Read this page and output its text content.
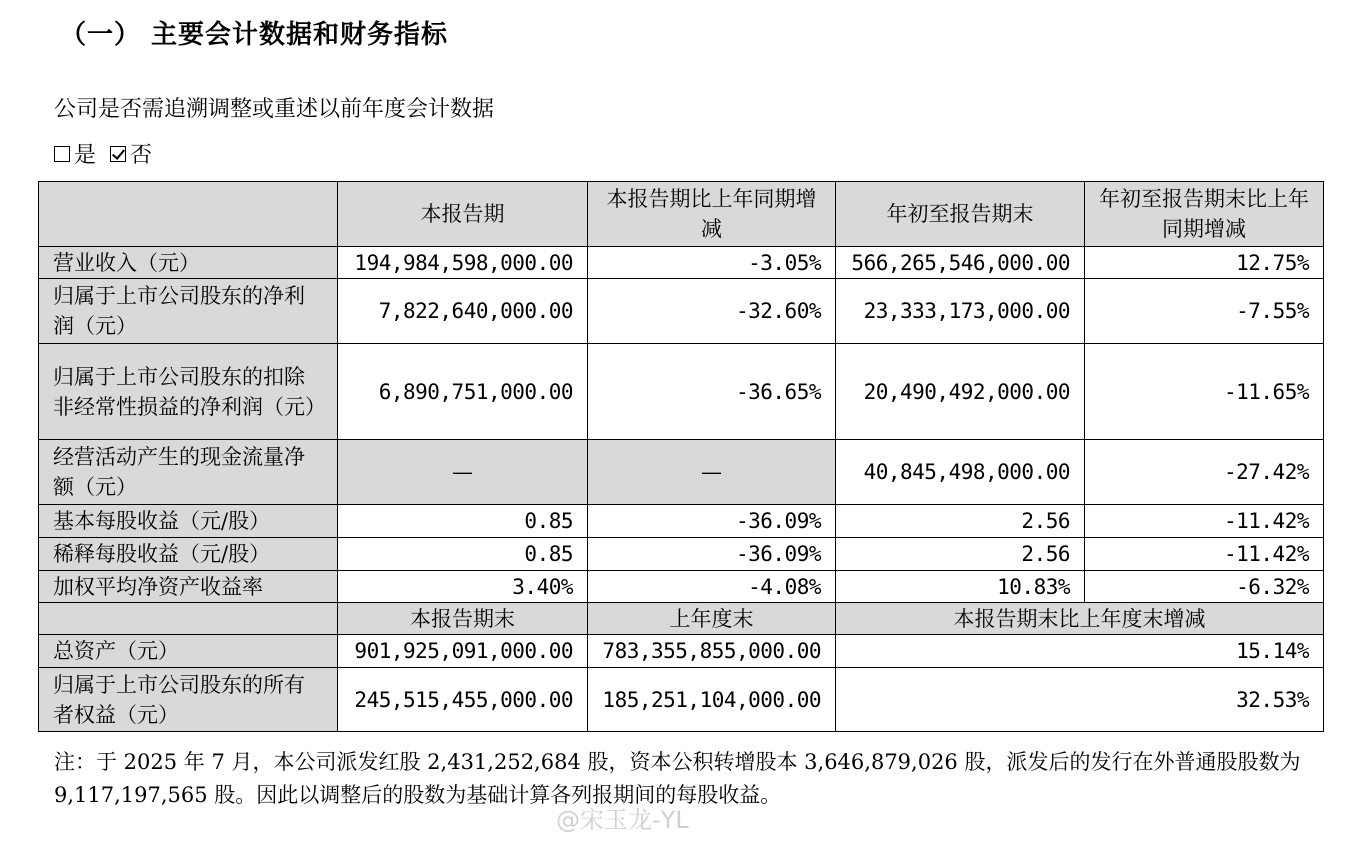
（一） 主要会计数据和财务指标
公司是否需追溯调整或重述以前年度会计数据
是 否
	本报告期	本报告期比上年同期增减	年初至报告期末	年初至报告期末比上年同期增减
营业收入（元）	194,984,598,000.00	-3.05%	566,265,546,000.00	12.75%
归属于上市公司股东的净利润（元）	7,822,640,000.00	-32.60%	23,333,173,000.00	-7.55%
归属于上市公司股东的扣除非经常性损益的净利润（元）	6,890,751,000.00	-36.65%	20,490,492,000.00	-11.65%
经营活动产生的现金流量净额（元）	—	—	40,845,498,000.00	-27.42%
基本每股收益（元/股）	0.85	-36.09%	2.56	-11.42%
稀释每股收益（元/股）	0.85	-36.09%	2.56	-11.42%
加权平均净资产收益率	3.40%	-4.08%	10.83%	-6.32%
	本报告期末	上年度末	本报告期末比上年度末增减	
总资产（元）	901,925,091,000.00	783,355,855,000.00	15.14%	
归属于上市公司股东的所有者权益（元）	245,515,455,000.00	185,251,104,000.00	32.53%	
注：于 2025 年 7 月，本公司派发红股 2,431,252,684 股，资本公积转增股本 3,646,879,026 股，派发后的发行在外普通股股数为 9,117,197,565 股。因此以调整后的股数为基础计算各列报期间的每股收益。
@宋玉龙-YL
